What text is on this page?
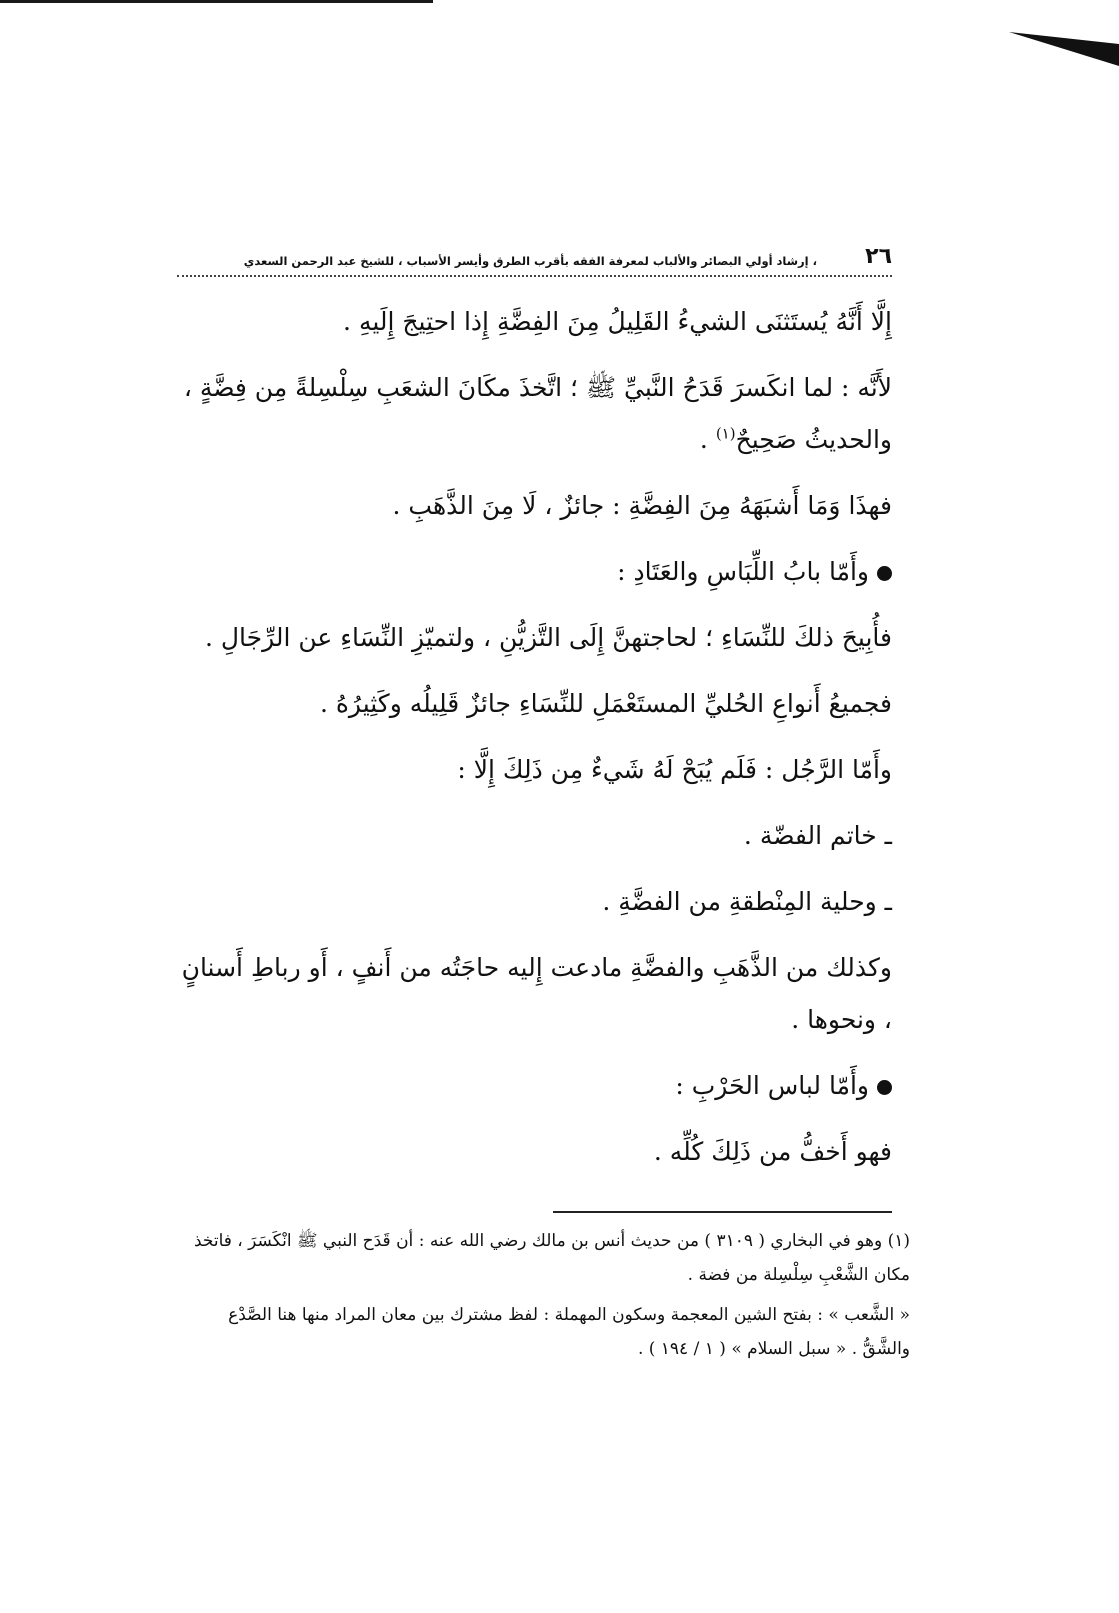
٢٦
، إرشاد أولي البصائر والألباب لمعرفة الفقه بأقرب الطرق وأيسر الأسباب ، للشيخ عبد الرحمن السعدي

إِلَّا أَنَّهُ يُستَثنَى الشيءُ القَلِيلُ مِنَ الفِضَّةِ إِذا احتِيجَ إِلَيهِ .

لأَنَّه : لما انكَسرَ قَدَحُ النَّبيِّ ﷺ ؛ اتَّخذَ مكَانَ الشعَبِ سِلْسِلةً مِن فِضَّةٍ ، والحديثُ صَحِيحٌ$^{(١)}$ .

فهذَا وَمَا أَشبَهَهُ مِنَ الفِضَّةِ : جائزٌ ، لَا مِنَ الذَّهَبِ .

وأَمّا بابُ اللِّبَاسِ والعَتَادِ :

فأُبِيحَ ذلكَ للنِّسَاءِ ؛ لحاجتهنَّ إِلَى التَّزيُّنِ ، ولتميّزِ النِّسَاءِ عن الرِّجَالِ .

فجميعُ أَنواعِ الحُليِّ المستَعْمَلِ للنِّسَاءِ جائزٌ قَلِيلُه وكَثِيرُهُ .

وأَمّا الرَّجُل : فَلَم يُبَحْ لَهُ شَيءٌ مِن ذَلِكَ إِلَّا :

ـ خاتم الفضّة .

ـ وحلية المِنْطقةِ من الفضَّةِ .

وكذلك من الذَّهَبِ والفضَّةِ مادعت إِليه حاجَتُه من أَنفٍ ، أَو رباطِ أَسنانٍ ، ونحوها .

وأَمّا لباس الحَرْبِ :

فهو أَخفُّ من ذَلِكَ كُلِّه .

(١) وهو في البخاري ( ٣١٠٩ ) من حديث أنس بن مالك رضي الله عنه : أن قَدَح النبي ﷺ انْكَسَرَ ، فاتخذ مكان الشَّعْبِ سِلْسِلة من فضة .

« الشَّعب » : بفتح الشين المعجمة وسكون المهملة : لفظ مشترك بين معان المراد منها هنا الصَّدْع والشَّقُّ . « سبل السلام » ( ١ / ١٩٤ ) .
